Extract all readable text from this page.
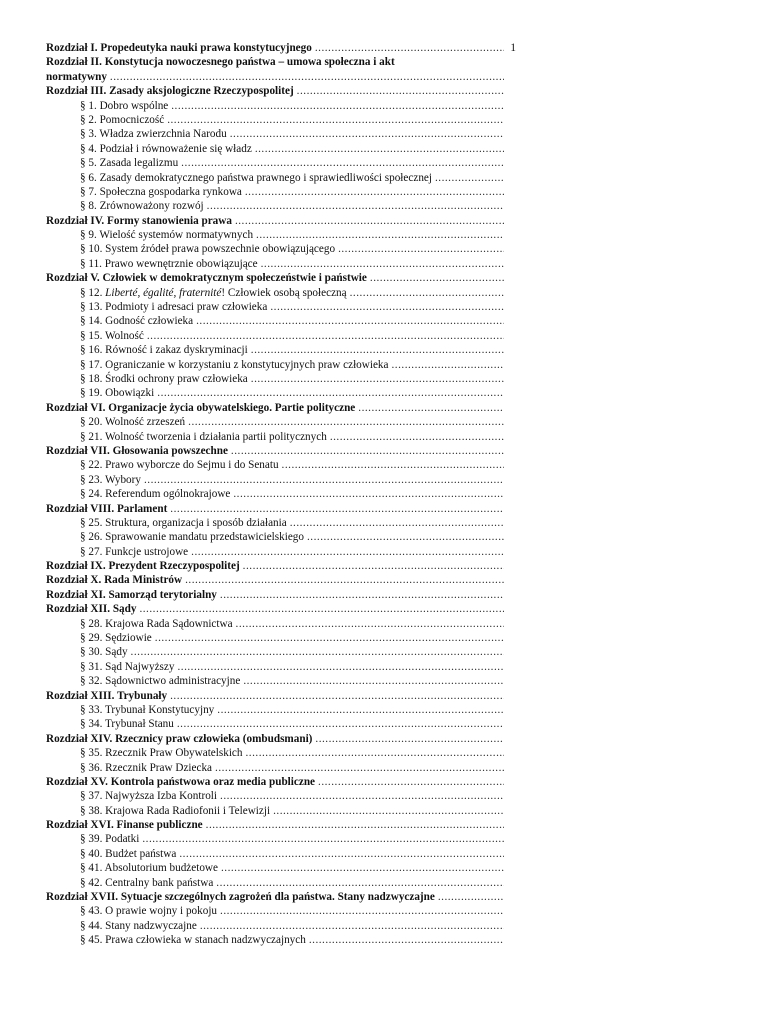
Rozdział I. Propedeutyka nauki prawa konstytucyjnego
.....	1
Rozdział II. Konstytucja nowoczesnego państwa – umowa społeczna i akt
normatywny
.....
Rozdział III. Zasady aksjologiczne Rzeczypospolitej
.....
§ 1. Dobro wspólne
.....
§ 2. Pomocniczość
.....
§ 3. Władza zwierzchnia Narodu
.....
§ 4. Podział i równoważenie się władz
.....
§ 5. Zasada legalizmu
.....
§ 6. Zasady demokratycznego państwa prawnego i sprawiedliwości społecznej
.....
§ 7. Społeczna gospodarka rynkowa
.....
§ 8. Zrównoważony rozwój
.....
Rozdział IV. Formy stanowienia prawa
.....
§ 9. Wielość systemów normatywnych
.....
§ 10. System źródeł prawa powszechnie obowiązującego
.....
§ 11. Prawo wewnętrznie obowiązujące
.....
Rozdział V. Człowiek w demokratycznym społeczeństwie i państwie
.....
§ 12. Liberté, égalité, fraternité! Człowiek osobą społeczną
.....
§ 13. Podmioty i adresaci praw człowieka
.....
§ 14. Godność człowieka
.....
§ 15. Wolność
.....
§ 16. Równość i zakaz dyskryminacji
.....
§ 17. Ograniczanie w korzystaniu z konstytucyjnych praw człowieka
.....
§ 18. Środki ochrony praw człowieka
.....
§ 19. Obowiązki
.....
Rozdział VI. Organizacje życia obywatelskiego. Partie polityczne
.....
§ 20. Wolność zrzeszeń
.....
§ 21. Wolność tworzenia i działania partii politycznych
.....
Rozdział VII. Głosowania powszechne
.....
§ 22. Prawo wyborcze do Sejmu i do Senatu
.....
§ 23. Wybory
.....
§ 24. Referendum ogólnokrajowe
.....
Rozdział VIII. Parlament
.....
§ 25. Struktura, organizacja i sposób działania
.....
§ 26. Sprawowanie mandatu przedstawicielskiego
.....
§ 27. Funkcje ustrojowe
.....
Rozdział IX. Prezydent Rzeczypospolitej
.....
Rozdział X. Rada Ministrów
.....
Rozdział XI. Samorząd terytorialny
.....
Rozdział XII. Sądy
.....
§ 28. Krajowa Rada Sądownictwa
.....
§ 29. Sędziowie
.....
§ 30. Sądy
.....
§ 31. Sąd Najwyższy
.....
§ 32. Sądownictwo administracyjne
.....
Rozdział XIII. Trybunały
.....
§ 33. Trybunał Konstytucyjny
.....
§ 34. Trybunał Stanu
.....
Rozdział XIV. Rzecznicy praw człowieka (ombudsmani)
.....
§ 35. Rzecznik Praw Obywatelskich
.....
§ 36. Rzecznik Praw Dziecka
.....
Rozdział XV. Kontrola państwowa oraz media publiczne
.....
§ 37. Najwyższa Izba Kontroli
.....
§ 38. Krajowa Rada Radiofonii i Telewizji
.....
Rozdział XVI. Finanse publiczne
.....
§ 39. Podatki
.....
§ 40. Budżet państwa
.....
§ 41. Absolutorium budżetowe
.....
§ 42. Centralny bank państwa
.....
Rozdział XVII. Sytuacje szczególnych zagrożeń dla państwa. Stany nadzwyczajne
.....
§ 43. O prawie wojny i pokoju
.....
§ 44. Stany nadzwyczajne
.....
§ 45. Prawa człowieka w stanach nadzwyczajnych
.....
